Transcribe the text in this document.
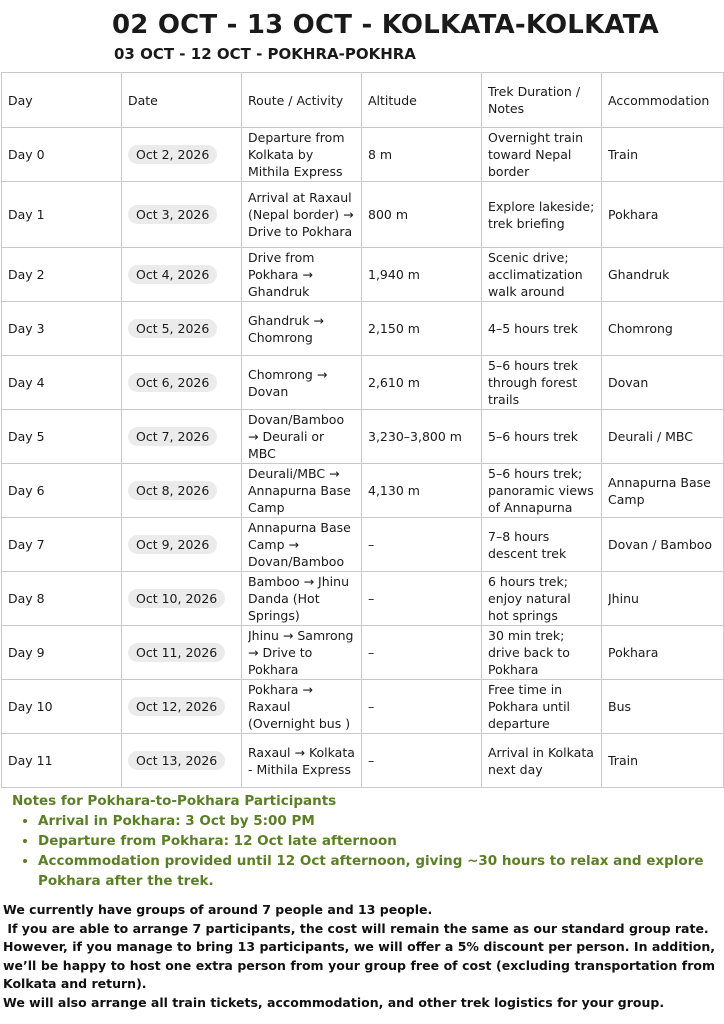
02 OCT - 13 OCT - KOLKATA-KOLKATA
03 OCT - 12 OCT - POKHRA-POKHRA
Day	Date	Route / Activity	Altitude	Trek Duration / Notes	Accommodation

Day 0	Oct 2, 2026	Departure from Kolkata by Mithila Express	8 m	Overnight train toward Nepal border	Train

Day 1	Oct 3, 2026	Arrival at Raxaul (Nepal border) → Drive to Pokhara	800 m	Explore lakeside; trek briefing	Pokhara

Day 2	Oct 4, 2026	Drive from Pokhara → Ghandruk	1,940 m	Scenic drive; acclimatization walk around	Ghandruk

Day 3	Oct 5, 2026	Ghandruk → Chomrong	2,150 m	4–5 hours trek	Chomrong

Day 4	Oct 6, 2026	Chomrong → Dovan	2,610 m	5–6 hours trek through forest trails	Dovan

Day 5	Oct 7, 2026	Dovan/Bamboo → Deurali or MBC	3,230–3,800 m	5–6 hours trek	Deurali / MBC

Day 6	Oct 8, 2026	Deurali/MBC → Annapurna Base Camp	4,130 m	5–6 hours trek; panoramic views of Annapurna	Annapurna Base Camp

Day 7	Oct 9, 2026	Annapurna Base Camp → Dovan/Bamboo	–	7–8 hours descent trek	Dovan / Bamboo

Day 8	Oct 10, 2026	Bamboo → Jhinu Danda (Hot Springs)	–	6 hours trek; enjoy natural hot springs	Jhinu

Day 9	Oct 11, 2026	Jhinu → Samrong → Drive to Pokhara	–	30 min trek; drive back to Pokhara	Pokhara

Day 10	Oct 12, 2026	Pokhara → Raxaul (Overnight bus )	–	Free time in Pokhara until departure	Bus

Day 11	Oct 13, 2026	Raxaul → Kolkata - Mithila Express	–	Arrival in Kolkata next day	Train
Notes for Pokhara-to-Pokhara Participants
• Arrival in Pokhara: 3 Oct by 5:00 PM
• Departure from Pokhara: 12 Oct late afternoon
• Accommodation provided until 12 Oct afternoon, giving ~30 hours to relax and explore Pokhara after the trek.

We currently have groups of around 7 people and 13 people.

If you are able to arrange 7 participants, the cost will remain the same as our standard group rate.

However, if you manage to bring 13 participants, we will offer a 5% discount per person. In addition, we’ll be happy to host one extra person from your group free of cost (excluding transportation from Kolkata and return).

We will also arrange all train tickets, accommodation, and other trek logistics for your group.
